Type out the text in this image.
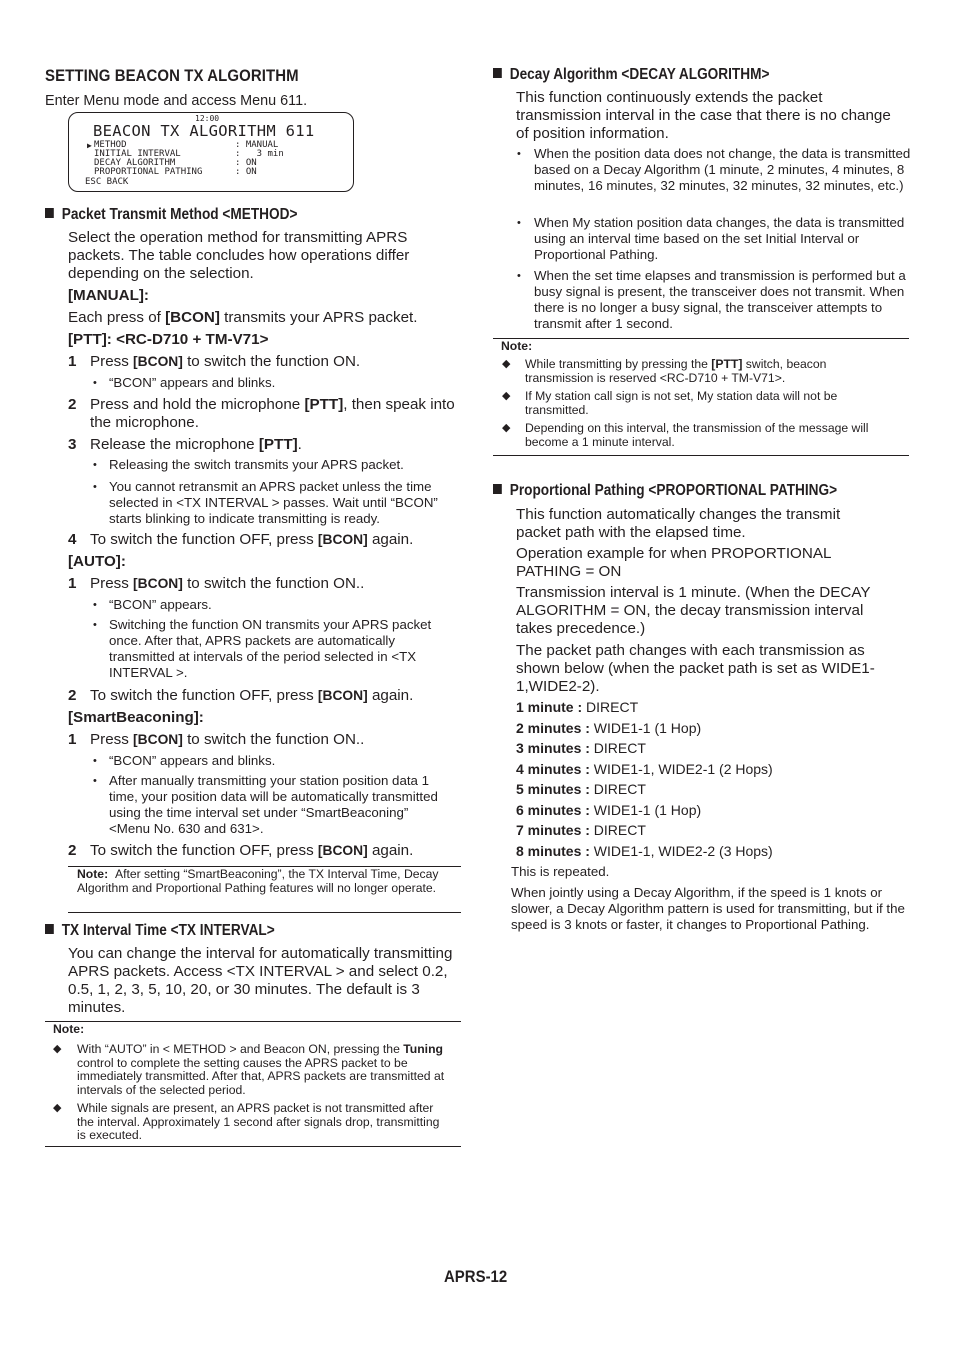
SETTING BEACON TX ALGORITHM
Enter Menu mode and access Menu 611.
12:00
BEACON TX ALGORITHM 611
▶ METHOD	: MANUAL
INITIAL INTERVAL	:   3 min
DECAY ALGORITHM	: ON
PROPORTIONAL PATHING	: ON
ESC BACK
Packet Transmit Method <METHOD>
Select the operation method for transmitting APRS packets. The table concludes how operations differ depending on the selection.
[MANUAL]:
Each press of [BCON] transmits your APRS packet.
[PTT]: <RC-D710 + TM-V71>
1 Press [BCON] to switch the function ON.
• “BCON” appears and blinks.
2 Press and hold the microphone [PTT], then speak into the microphone.
3 Release the microphone [PTT].
• Releasing the switch transmits your APRS packet.
• You cannot retransmit an APRS packet unless the time selected in <TX INTERVAL > passes. Wait until “BCON” starts blinking to indicate transmitting is ready.
4 To switch the function OFF, press [BCON] again.
[AUTO]:
1 Press [BCON] to switch the function ON..
• “BCON” appears.
• Switching the function ON transmits your APRS packet once. After that, APRS packets are automatically transmitted at intervals of the period selected in <TX INTERVAL >.
2 To switch the function OFF, press [BCON] again.
[SmartBeaconing]:
1 Press [BCON] to switch the function ON..
• “BCON” appears and blinks.
• After manually transmitting your station position data 1 time, your position data will be automatically transmitted using the time interval set under “SmartBeaconing” <Menu No. 630 and 631>.
2 To switch the function OFF, press [BCON] again.
Note: After setting “SmartBeaconing”, the TX Interval Time, Decay Algorithm and Proportional Pathing features will no longer operate.
TX Interval Time <TX INTERVAL>
You can change the interval for automatically transmitting APRS packets. Access <TX INTERVAL > and select 0.2, 0.5, 1, 2, 3, 5, 10, 20, or 30 minutes. The default is 3 minutes.
Note:
◆ With “AUTO” in < METHOD > and Beacon ON, pressing the Tuning control to complete the setting causes the APRS packet to be immediately transmitted. After that, APRS packets are transmitted at intervals of the selected period.
◆ While signals are present, an APRS packet is not transmitted after the interval. Approximately 1 second after signals drop, transmitting is executed.
Decay Algorithm <DECAY ALGORITHM>
This function continuously extends the packet transmission interval in the case that there is no change of position information.
• When the position data does not change, the data is transmitted based on a Decay Algorithm (1 minute, 2 minutes, 4 minutes, 8 minutes, 16 minutes, 32 minutes, 32 minutes, 32 minutes, etc.)
• When My station position data changes, the data is transmitted using an interval time based on the set Initial Interval or Proportional Pathing.
• When the set time elapses and transmission is performed but a busy signal is present, the transceiver does not transmit. When there is no longer a busy signal, the transceiver attempts to transmit after 1 second.
Note:
◆ While transmitting by pressing the [PTT] switch, beacon transmission is reserved <RC-D710 + TM-V71>.
◆ If My station call sign is not set, My station data will not be transmitted.
◆ Depending on this interval, the transmission of the message will become a 1 minute interval.
Proportional Pathing <PROPORTIONAL PATHING>
This function automatically changes the transmit packet path with the elapsed time.
Operation example for when PROPORTIONAL PATHING = ON
Transmission interval is 1 minute. (When the DECAY ALGORITHM = ON, the decay transmission interval takes precedence.)
The packet path changes with each transmission as shown below (when the packet path is set as WIDE1-1,WIDE2-2).
1 minute : DIRECT
2 minutes : WIDE1-1 (1 Hop)
3 minutes : DIRECT
4 minutes : WIDE1-1, WIDE2-1 (2 Hops)
5 minutes : DIRECT
6 minutes : WIDE1-1 (1 Hop)
7 minutes : DIRECT
8 minutes : WIDE1-1, WIDE2-2 (3 Hops)
This is repeated.
When jointly using a Decay Algorithm, if the speed is 1 knots or slower, a Decay Algorithm pattern is used for transmitting, but if the speed is 3 knots or faster, it changes to Proportional Pathing.
APRS-12
